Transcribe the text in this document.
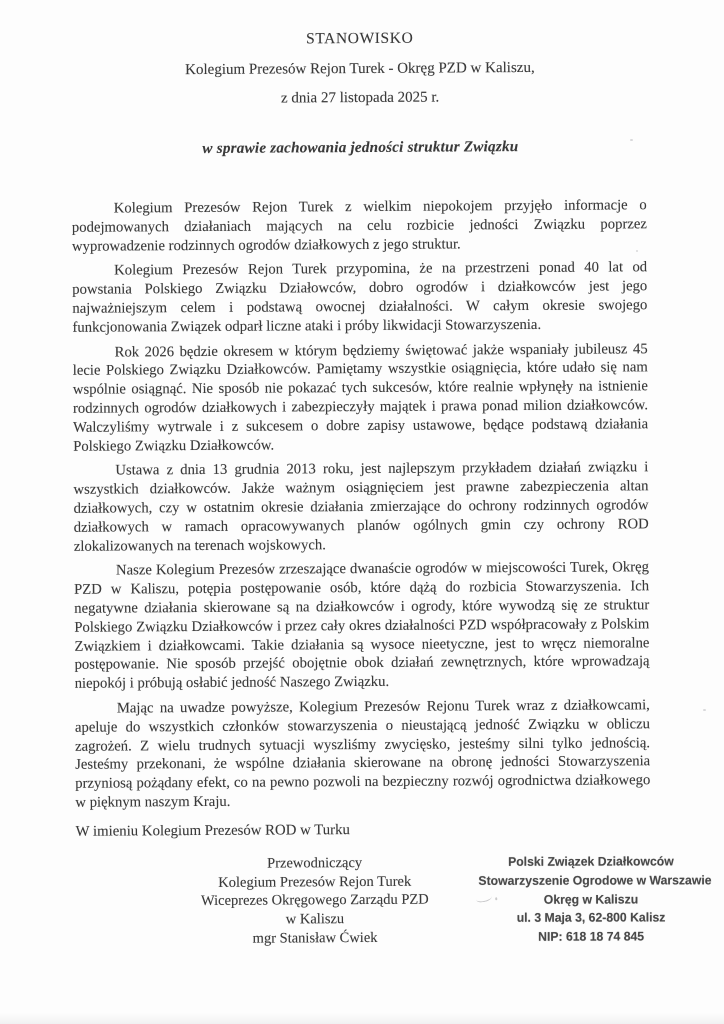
STANOWISKO
Kolegium Prezesów Rejon Turek - Okręg PZD w Kaliszu,
z dnia 27 listopada 2025 r.
w sprawie zachowania jedności struktur Związku

Kolegium Prezesów Rejon Turek z wielkim niepokojem przyjęło informacje o podejmowanych działaniach mających na celu rozbicie jedności Związku poprzez wyprowadzenie rodzinnych ogrodów działkowych z jego struktur.

Kolegium Prezesów Rejon Turek przypomina, że na przestrzeni ponad 40 lat od powstania Polskiego Związku Działowców, dobro ogrodów i działkowców jest jego najważniejszym celem i podstawą owocnej działalności. W całym okresie swojego funkcjonowania Związek odparł liczne ataki i próby likwidacji Stowarzyszenia.

Rok 2026 będzie okresem w którym będziemy świętować jakże wspaniały jubileusz 45 lecie Polskiego Związku Działkowców. Pamiętamy wszystkie osiągnięcia, które udało się nam wspólnie osiągnąć. Nie sposób nie pokazać tych sukcesów, które realnie wpłynęły na istnienie rodzinnych ogrodów działkowych i zabezpieczyły majątek i prawa ponad milion działkowców. Walczyliśmy wytrwale i z sukcesem o dobre zapisy ustawowe, będące podstawą działania Polskiego Związku Działkowców.

Ustawa z dnia 13 grudnia 2013 roku, jest najlepszym przykładem działań związku i wszystkich działkowców. Jakże ważnym osiągnięciem jest prawne zabezpieczenia altan działkowych, czy w ostatnim okresie działania zmierzające do ochrony rodzinnych ogrodów działkowych w ramach opracowywanych planów ogólnych gmin czy ochrony ROD zlokalizowanych na terenach wojskowych.

Nasze Kolegium Prezesów zrzeszające dwanaście ogrodów w miejscowości Turek, Okręg PZD w Kaliszu, potępia postępowanie osób, które dążą do rozbicia Stowarzyszenia. Ich negatywne działania skierowane są na działkowców i ogrody, które wywodzą się ze struktur Polskiego Związku Działkowców i przez cały okres działalności PZD współpracowały z Polskim Związkiem i działkowcami. Takie działania są wysoce nieetyczne, jest to wręcz niemoralne postępowanie. Nie sposób przejść obojętnie obok działań zewnętrznych, które wprowadzają niepokój i próbują osłabić jedność Naszego Związku.

Mając na uwadze powyższe, Kolegium Prezesów Rejonu Turek wraz z działkowcami, apeluje do wszystkich członków stowarzyszenia o nieustającą jedność Związku w obliczu zagrożeń. Z wielu trudnych sytuacji wyszliśmy zwycięsko, jesteśmy silni tylko jednością. Jesteśmy przekonani, że wspólne działania skierowane na obronę jedności Stowarzyszenia przyniosą pożądany efekt, co na pewno pozwoli na bezpieczny rozwój ogrodnictwa działkowego w pięknym naszym Kraju.

W imieniu Kolegium Prezesów ROD w Turku
Przewodniczący
Kolegium Prezesów Rejon Turek
Wiceprezes Okręgowego Zarządu PZD
w Kaliszu
mgr Stanisław Ćwiek
Polski Związek Działkowców
Stowarzyszenie Ogrodowe w Warszawie
Okręg w Kaliszu
ul. 3 Maja 3, 62-800 Kalisz
NIP: 618 18 74 845
